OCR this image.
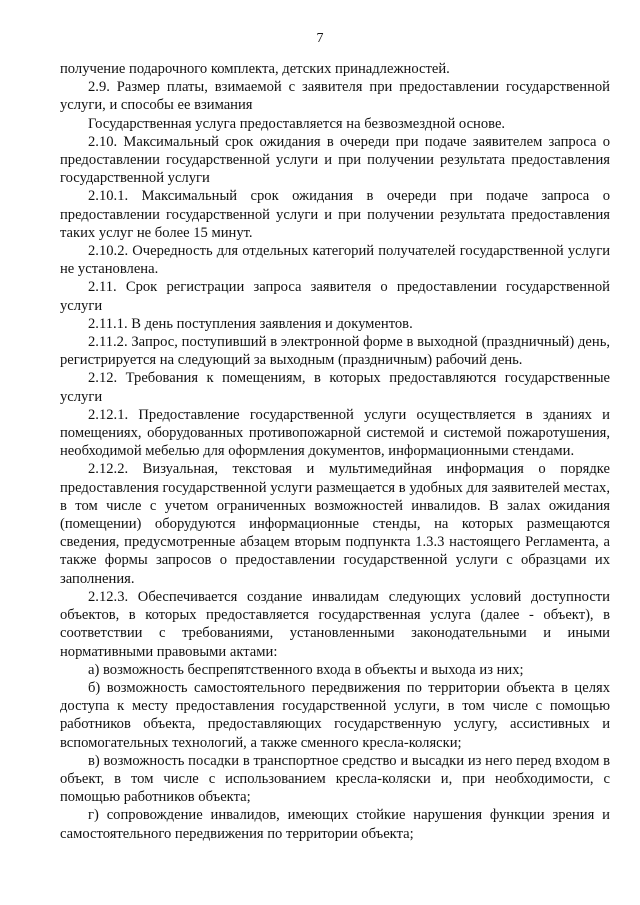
7

получение подарочного комплекта, детских принадлежностей.

2.9. Размер платы, взимаемой с заявителя при предоставлении государственной услуги, и способы ее взимания

Государственная услуга предоставляется на безвозмездной основе.

2.10. Максимальный срок ожидания в очереди при подаче заявителем запроса о предоставлении государственной услуги и при получении результата предоставления государственной услуги

2.10.1. Максимальный срок ожидания в очереди при подаче запроса о предоставлении государственной услуги и при получении результата предоставления таких услуг не более 15 минут.

2.10.2. Очередность для отдельных категорий получателей государственной услуги не установлена.

2.11. Срок регистрации запроса заявителя о предоставлении государственной услуги

2.11.1. В день поступления заявления и документов.

2.11.2. Запрос, поступивший в электронной форме в выходной (праздничный) день, регистрируется на следующий за выходным (праздничным) рабочий день.

2.12. Требования к помещениям, в которых предоставляются государственные услуги

2.12.1. Предоставление государственной услуги осуществляется в зданиях и помещениях, оборудованных противопожарной системой и системой пожаротушения, необходимой мебелью для оформления документов, информационными стендами.

2.12.2. Визуальная, текстовая и мультимедийная информация о порядке предоставления государственной услуги размещается в удобных для заявителей местах, в том числе с учетом ограниченных возможностей инвалидов. В залах ожидания (помещении) оборудуются информационные стенды, на которых размещаются сведения, предусмотренные абзацем вторым подпункта 1.3.3 настоящего Регламента, а также формы запросов о предоставлении государственной услуги с образцами их заполнения.

2.12.3. Обеспечивается создание инвалидам следующих условий доступности объектов, в которых предоставляется государственная услуга (далее - объект), в соответствии с требованиями, установленными законодательными и иными нормативными правовыми актами:

а) возможность беспрепятственного входа в объекты и выхода из них;

б) возможность самостоятельного передвижения по территории объекта в целях доступа к месту предоставления государственной услуги, в том числе с помощью работников объекта, предоставляющих государственную услугу, ассистивных и вспомогательных технологий, а также сменного кресла-коляски;

в) возможность посадки в транспортное средство и высадки из него перед входом в объект, в том числе с использованием кресла-коляски и, при необходимости, с помощью работников объекта;

г) сопровождение инвалидов, имеющих стойкие нарушения функции зрения и самостоятельного передвижения по территории объекта;
